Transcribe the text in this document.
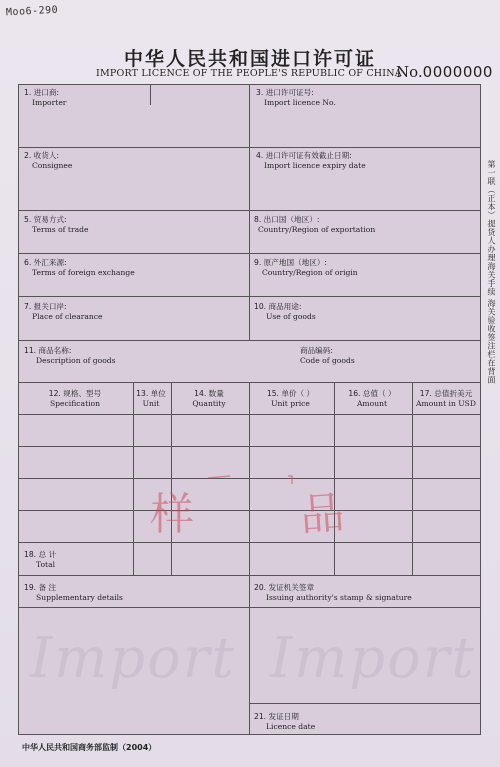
Moo6-290
中华人民共和国进口许可证
IMPORT LICENCE OF THE PEOPLE'S REPUBLIC OF CHINA
No.0000000
1. 进口商:
Importer
3. 进口许可证号:
Import licence No.
2. 收货人:
Consignee
4. 进口许可证有效截止日期:
Import licence expiry date
5. 贸易方式:
Terms of trade
8. 出口国（地区）:
Country/Region of exportation
6. 外汇来源:
Terms of foreign exchange
9. 原产地国（地区）:
Country/Region of origin
7. 报关口岸:
Place of clearance
10. 商品用途:
Use of goods
11. 商品名称:
Description of goods
商品编码:
Code of goods
12. 规格、型号
Specification
13. 单位
Unit
14. 数量
Quantity
15. 单价（ ）
Unit price
16. 总值（ ）
Amount
17. 总值折美元
Amount in USD
18. 总 计
Total
19. 备 注
Supplementary details
20. 发证机关签章
Issuing authority's stamp & signature
21. 发证日期
Licence date
样 品
Import Import
第一联（正本）提货人办理海关手续 海关验收签注栏在背面
中华人民共和国商务部监制（2004）
